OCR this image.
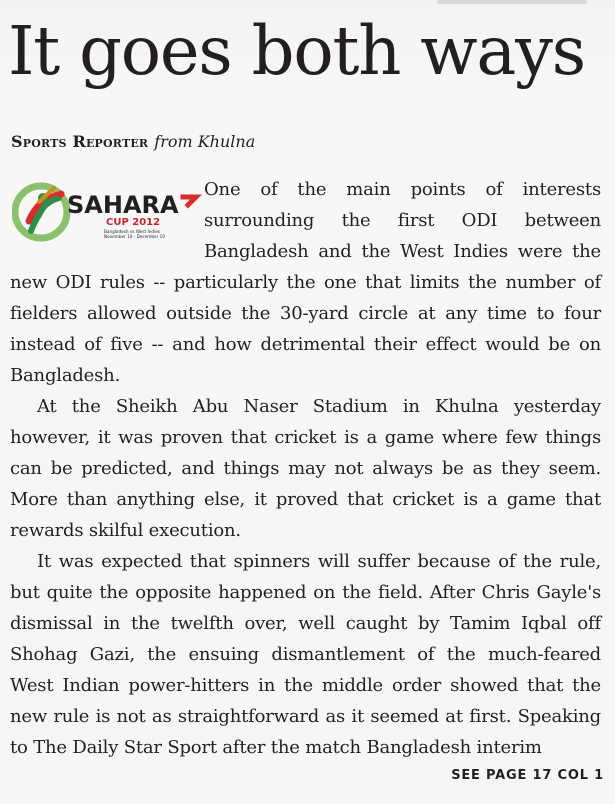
It goes both ways
Sports Reporter from Khulna
SAHARA
CUP 2012
Bangladesh vs West Indies
November 14 - December 10

One of the main points of interests surrounding the first ODI between Bangladesh and the West Indies were the new ODI rules -- particularly the one that limits the number of fielders allowed outside the 30-yard circle at any time to four instead of five -- and how detrimental their effect would be on Bangladesh.

At the Sheikh Abu Naser Stadium in Khulna yesterday however, it was proven that cricket is a game where few things can be predicted, and things may not always be as they seem. More than anything else, it proved that cricket is a game that rewards skilful execution.

It was expected that spinners will suffer because of the rule, but quite the opposite happened on the field. After Chris Gayle's dismissal in the twelfth over, well caught by Tamim Iqbal off Shohag Gazi, the ensuing dismantlement of the much-feared West Indian power-hitters in the middle order showed that the new rule is not as straightforward as it seemed at first. Speaking to The Daily Star Sport after the match Bangladesh interim

SEE PAGE 17 COL 1
